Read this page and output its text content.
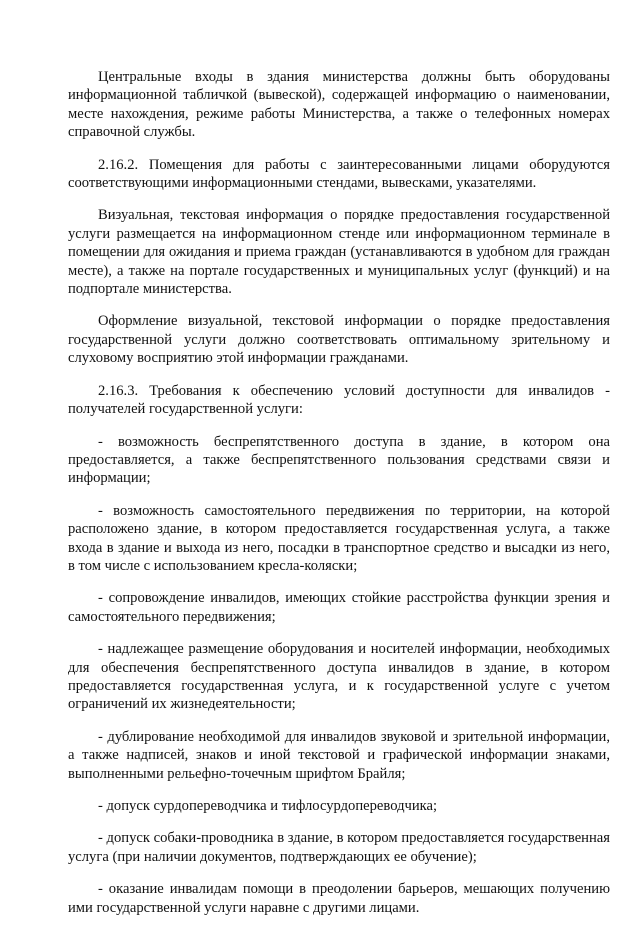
Центральные входы в здания министерства должны быть оборудованы информационной табличкой (вывеской), содержащей информацию о наименовании, месте нахождения, режиме работы Министерства, а также о телефонных номерах справочной службы.

2.16.2. Помещения для работы с заинтересованными лицами оборудуются соответствующими информационными стендами, вывесками, указателями.

Визуальная, текстовая информация о порядке предоставления государственной услуги размещается на информационном стенде или информационном терминале в помещении для ожидания и приема граждан (устанавливаются в удобном для граждан месте), а также на портале государственных и муниципальных услуг (функций) и на подпортале министерства.

Оформление визуальной, текстовой информации о порядке предоставления государственной услуги должно соответствовать оптимальному зрительному и слуховому восприятию этой информации гражданами.

2.16.3. Требования к обеспечению условий доступности для инвалидов - получателей государственной услуги:

- возможность беспрепятственного доступа в здание, в котором она предоставляется, а также беспрепятственного пользования средствами связи и информации;

- возможность самостоятельного передвижения по территории, на которой расположено здание, в котором предоставляется государственная услуга, а также входа в здание и выхода из него, посадки в транспортное средство и высадки из него, в том числе с использованием кресла-коляски;

- сопровождение инвалидов, имеющих стойкие расстройства функции зрения и самостоятельного передвижения;

- надлежащее размещение оборудования и носителей информации, необходимых для обеспечения беспрепятственного доступа инвалидов в здание, в котором предоставляется государственная услуга, и к государственной услуге с учетом ограничений их жизнедеятельности;

- дублирование необходимой для инвалидов звуковой и зрительной информации, а также надписей, знаков и иной текстовой и графической информации знаками, выполненными рельефно-точечным шрифтом Брайля;

- допуск сурдопереводчика и тифлосурдопереводчика;

- допуск собаки-проводника в здание, в котором предоставляется государственная услуга (при наличии документов, подтверждающих ее обучение);

- оказание инвалидам помощи в преодолении барьеров, мешающих получению ими государственной услуги наравне с другими лицами.
